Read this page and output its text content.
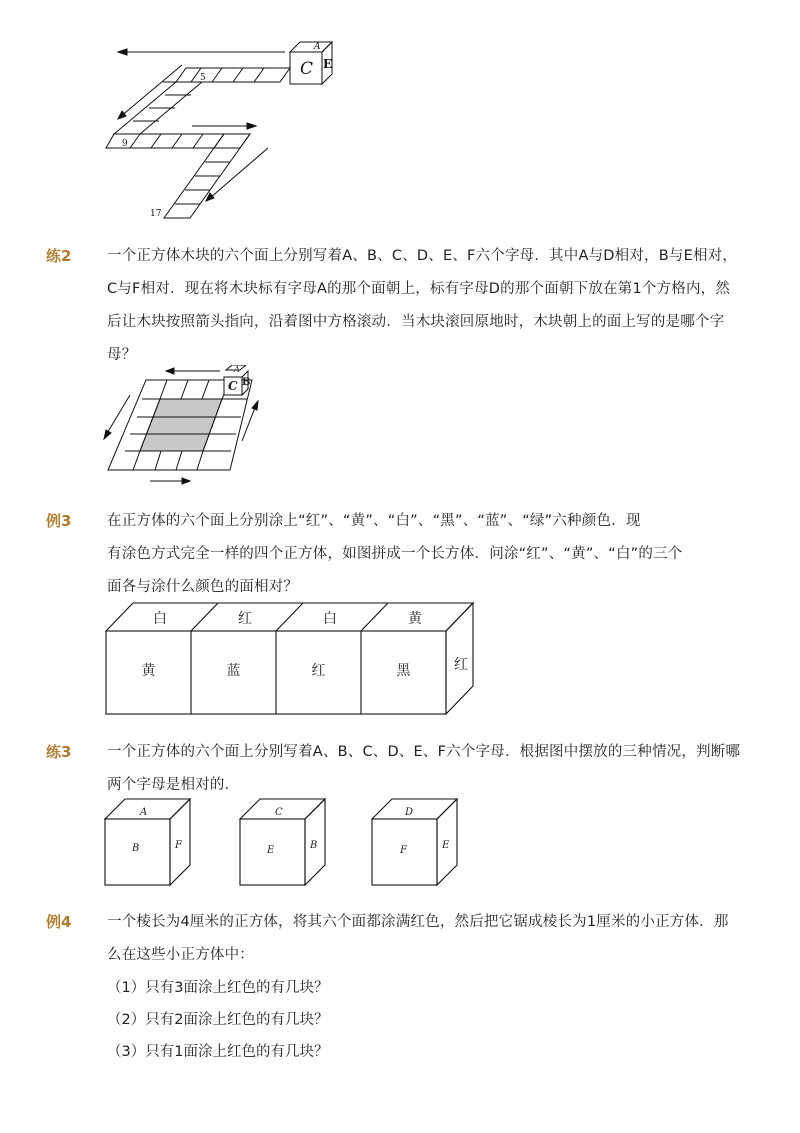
A
C E
5
9
17
练2 一个正方体木块的六个面上分别写着A、B、C、D、E、F六个字母．其中A与D相对，B与E相对，
C与F相对．现在将木块标有字母A的那个面朝上，标有字母D的那个面朝下放在第1个方格内，然
后让木块按照箭头指向，沿着图中方格滚动．当木块滚回原地时，木块朝上的面上写的是哪个字
母？
A
C B
例3 在正方体的六个面上分别涂上“红”、“黄”、“白”、“黑”、“蓝”、“绿”六种颜色．现
有涂色方式完全一样的四个正方体，如图拼成一个长方体．问涂“红”、“黄”、“白”的三个
面各与涂什么颜色的面相对？
白	红	白	黄
黄	蓝	红	黑	红
练3 一个正方体的六个面上分别写着A、B、C、D、E、F六个字母．根据图中摆放的三种情况，判断哪
两个字母是相对的．
A
B	F
C
E	B
D
F	E
例4 一个棱长为4厘米的正方体，将其六个面都涂满红色，然后把它锯成棱长为1厘米的小正方体．那
么在这些小正方体中：
（1）只有3面涂上红色的有几块？
（2）只有2面涂上红色的有几块？
（3）只有1面涂上红色的有几块？
